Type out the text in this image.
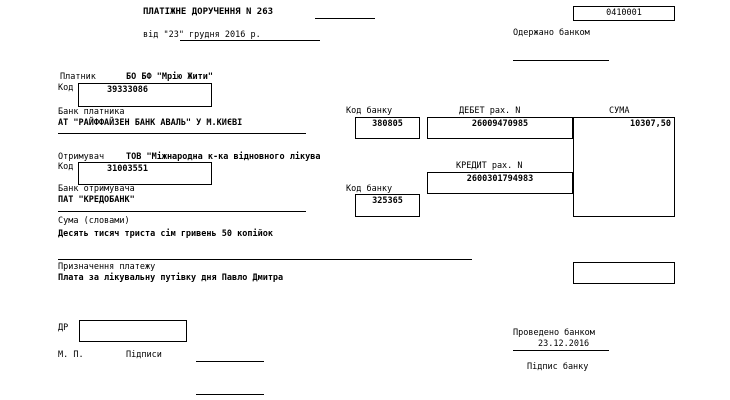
ПЛАТІЖНЕ ДОРУЧЕННЯ N 263	0410001
від "23" грудня 2016 р.	Одержано банком
Платник	БО БФ "Мрію Жити"
Код	39333086
Банк платника
АТ "РАЙФФАЙЗЕН БАНК АВАЛЬ" У М.КИЄВІ
Код банку
380805
ДЕБЕТ рах. N
26009470985
СУМА
10307,50
Отримувач	ТОВ "Міжнародна к-ка відновного лікува
Код	31003551	КРЕДИТ рах. N
2600301794983
Банк отримувача
ПАТ "КРЕДОБАНК"
Код банку
325365
Сума (словами)
Десять тисяч триста сім гривень 50 копійок
Призначення платежу
Плата за лікувальну путівку дня Павло Дмитра
ДР
М. П.	Підписи
Проведено банком
23.12.2016
Підпис банку
